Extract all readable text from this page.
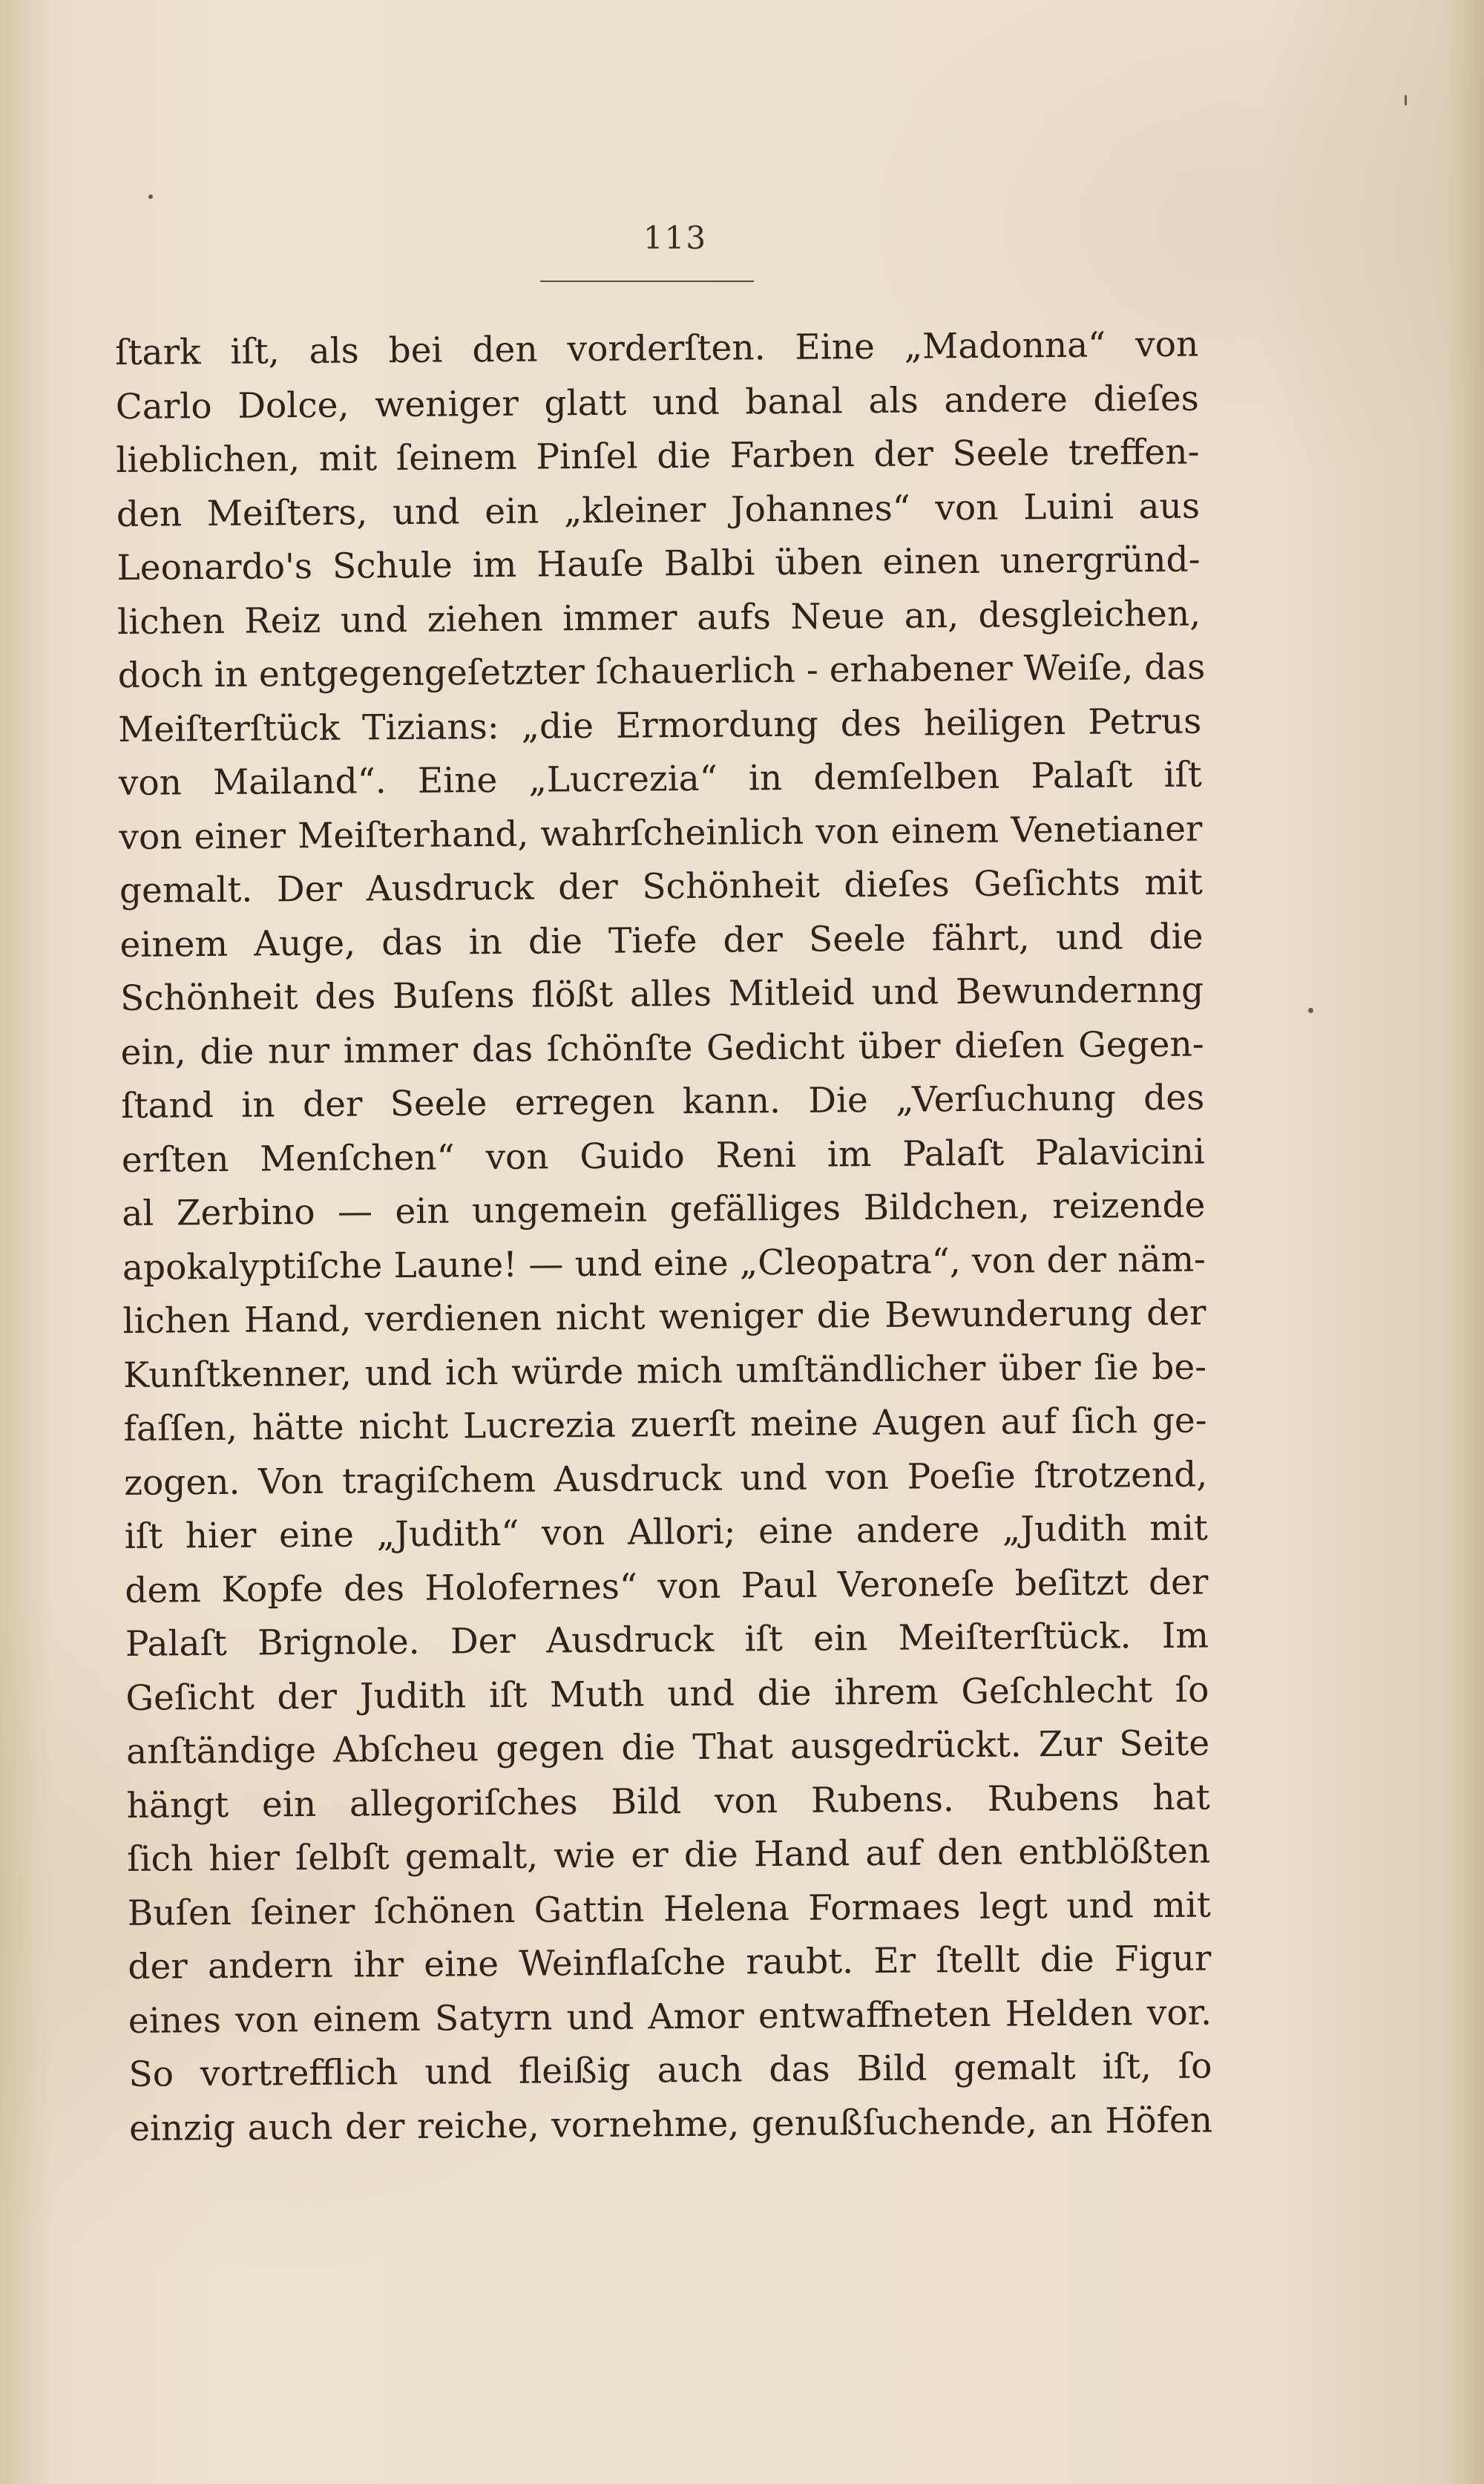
113
ſtark iſt, als bei den vorderſten. Eine „Madonna“ von
Carlo Dolce, weniger glatt und banal als andere dieſes
lieblichen, mit ſeinem Pinſel die Farben der Seele treffen-
den Meiſters, und ein „kleiner Johannes“ von Luini aus
Leonardo's Schule im Hauſe Balbi üben einen unergründ-
lichen Reiz und ziehen immer aufs Neue an, desgleichen,
doch in entgegengeſetzter ſchauerlich - erhabener Weiſe, das
Meiſterſtück Tizians: „die Ermordung des heiligen Petrus
von Mailand“. Eine „Lucrezia“ in demſelben Palaſt iſt
von einer Meiſterhand, wahrſcheinlich von einem Venetianer
gemalt. Der Ausdruck der Schönheit dieſes Geſichts mit
einem Auge, das in die Tiefe der Seele fährt, und die
Schönheit des Buſens flößt alles Mitleid und Bewundernng
ein, die nur immer das ſchönſte Gedicht über dieſen Gegen-
ſtand in der Seele erregen kann. Die „Verſuchung des
erſten Menſchen“ von Guido Reni im Palaſt Palavicini
al Zerbino — ein ungemein gefälliges Bildchen, reizende
apokalyptiſche Laune! — und eine „Cleopatra“, von der näm-
lichen Hand, verdienen nicht weniger die Bewunderung der
Kunſtkenner, und ich würde mich umſtändlicher über ſie be-
faſſen, hätte nicht Lucrezia zuerſt meine Augen auf ſich ge-
zogen. Von tragiſchem Ausdruck und von Poeſie ſtrotzend,
iſt hier eine „Judith“ von Allori; eine andere „Judith mit
dem Kopfe des Holofernes“ von Paul Veroneſe beſitzt der
Palaſt Brignole. Der Ausdruck iſt ein Meiſterſtück. Im
Geſicht der Judith iſt Muth und die ihrem Geſchlecht ſo
anſtändige Abſcheu gegen die That ausgedrückt. Zur Seite
hängt ein allegoriſches Bild von Rubens. Rubens hat
ſich hier ſelbſt gemalt, wie er die Hand auf den entblößten
Buſen ſeiner ſchönen Gattin Helena Formaes legt und mit
der andern ihr eine Weinflaſche raubt. Er ſtellt die Figur
eines von einem Satyrn und Amor entwaffneten Helden vor.
So vortrefflich und fleißig auch das Bild gemalt iſt, ſo
einzig auch der reiche, vornehme, genußſuchende, an Höfen
